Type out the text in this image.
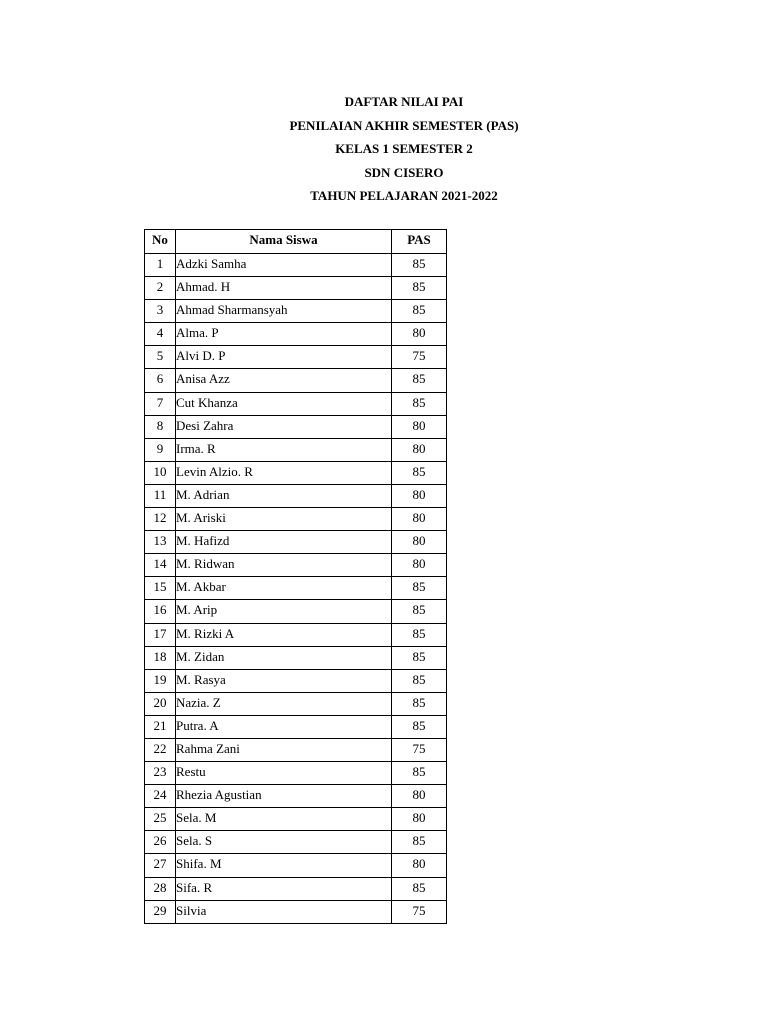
DAFTAR NILAI PAI
PENILAIAN AKHIR SEMESTER (PAS)
KELAS 1 SEMESTER 2
SDN CISERO
TAHUN PELAJARAN 2021-2022
No	Nama Siswa	PAS
1	Adzki Samha	85
2	Ahmad. H	85
3	Ahmad Sharmansyah	85
4	Alma. P	80
5	Alvi D. P	75
6	Anisa Azz	85
7	Cut Khanza	85
8	Desi Zahra	80
9	Irma. R	80
10	Levin Alzio. R	85
11	M. Adrian	80
12	M. Ariski	80
13	M. Hafizd	80
14	M. Ridwan	80
15	M. Akbar	85
16	M. Arip	85
17	M. Rizki A	85
18	M. Zidan	85
19	M. Rasya	85
20	Nazia. Z	85
21	Putra. A	85
22	Rahma Zani	75
23	Restu	85
24	Rhezia Agustian	80
25	Sela. M	80
26	Sela. S	85
27	Shifa. M	80
28	Sifa. R	85
29	Silvia	75
